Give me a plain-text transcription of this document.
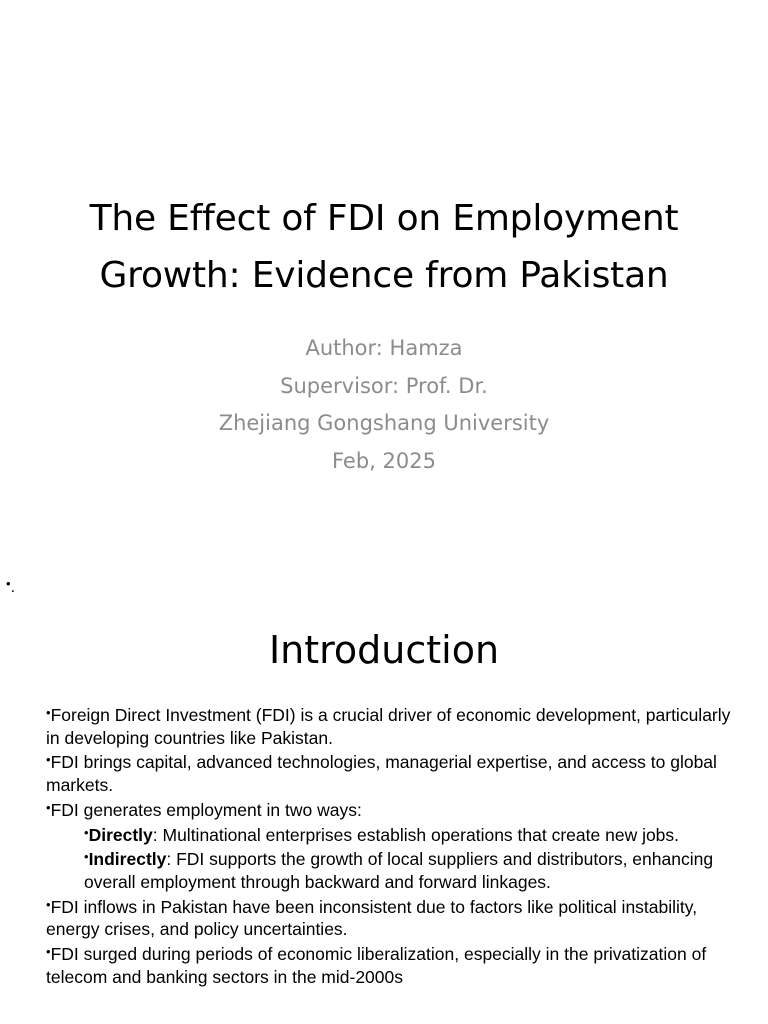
The Effect of FDI on Employment
Growth: Evidence from Pakistan
Author: Hamza
Supervisor: Prof. Dr.
Zhejiang Gongshang University
Feb, 2025
•.
Introduction
•Foreign Direct Investment (FDI) is a crucial driver of economic development, particularly in developing countries like Pakistan.
•FDI brings capital, advanced technologies, managerial expertise, and access to global markets.
•FDI generates employment in two ways:
•Directly: Multinational enterprises establish operations that create new jobs.
•Indirectly: FDI supports the growth of local suppliers and distributors, enhancing overall employment through backward and forward linkages.
•FDI inflows in Pakistan have been inconsistent due to factors like political instability, energy crises, and policy uncertainties.
•FDI surged during periods of economic liberalization, especially in the privatization of telecom and banking sectors in the mid-2000s
